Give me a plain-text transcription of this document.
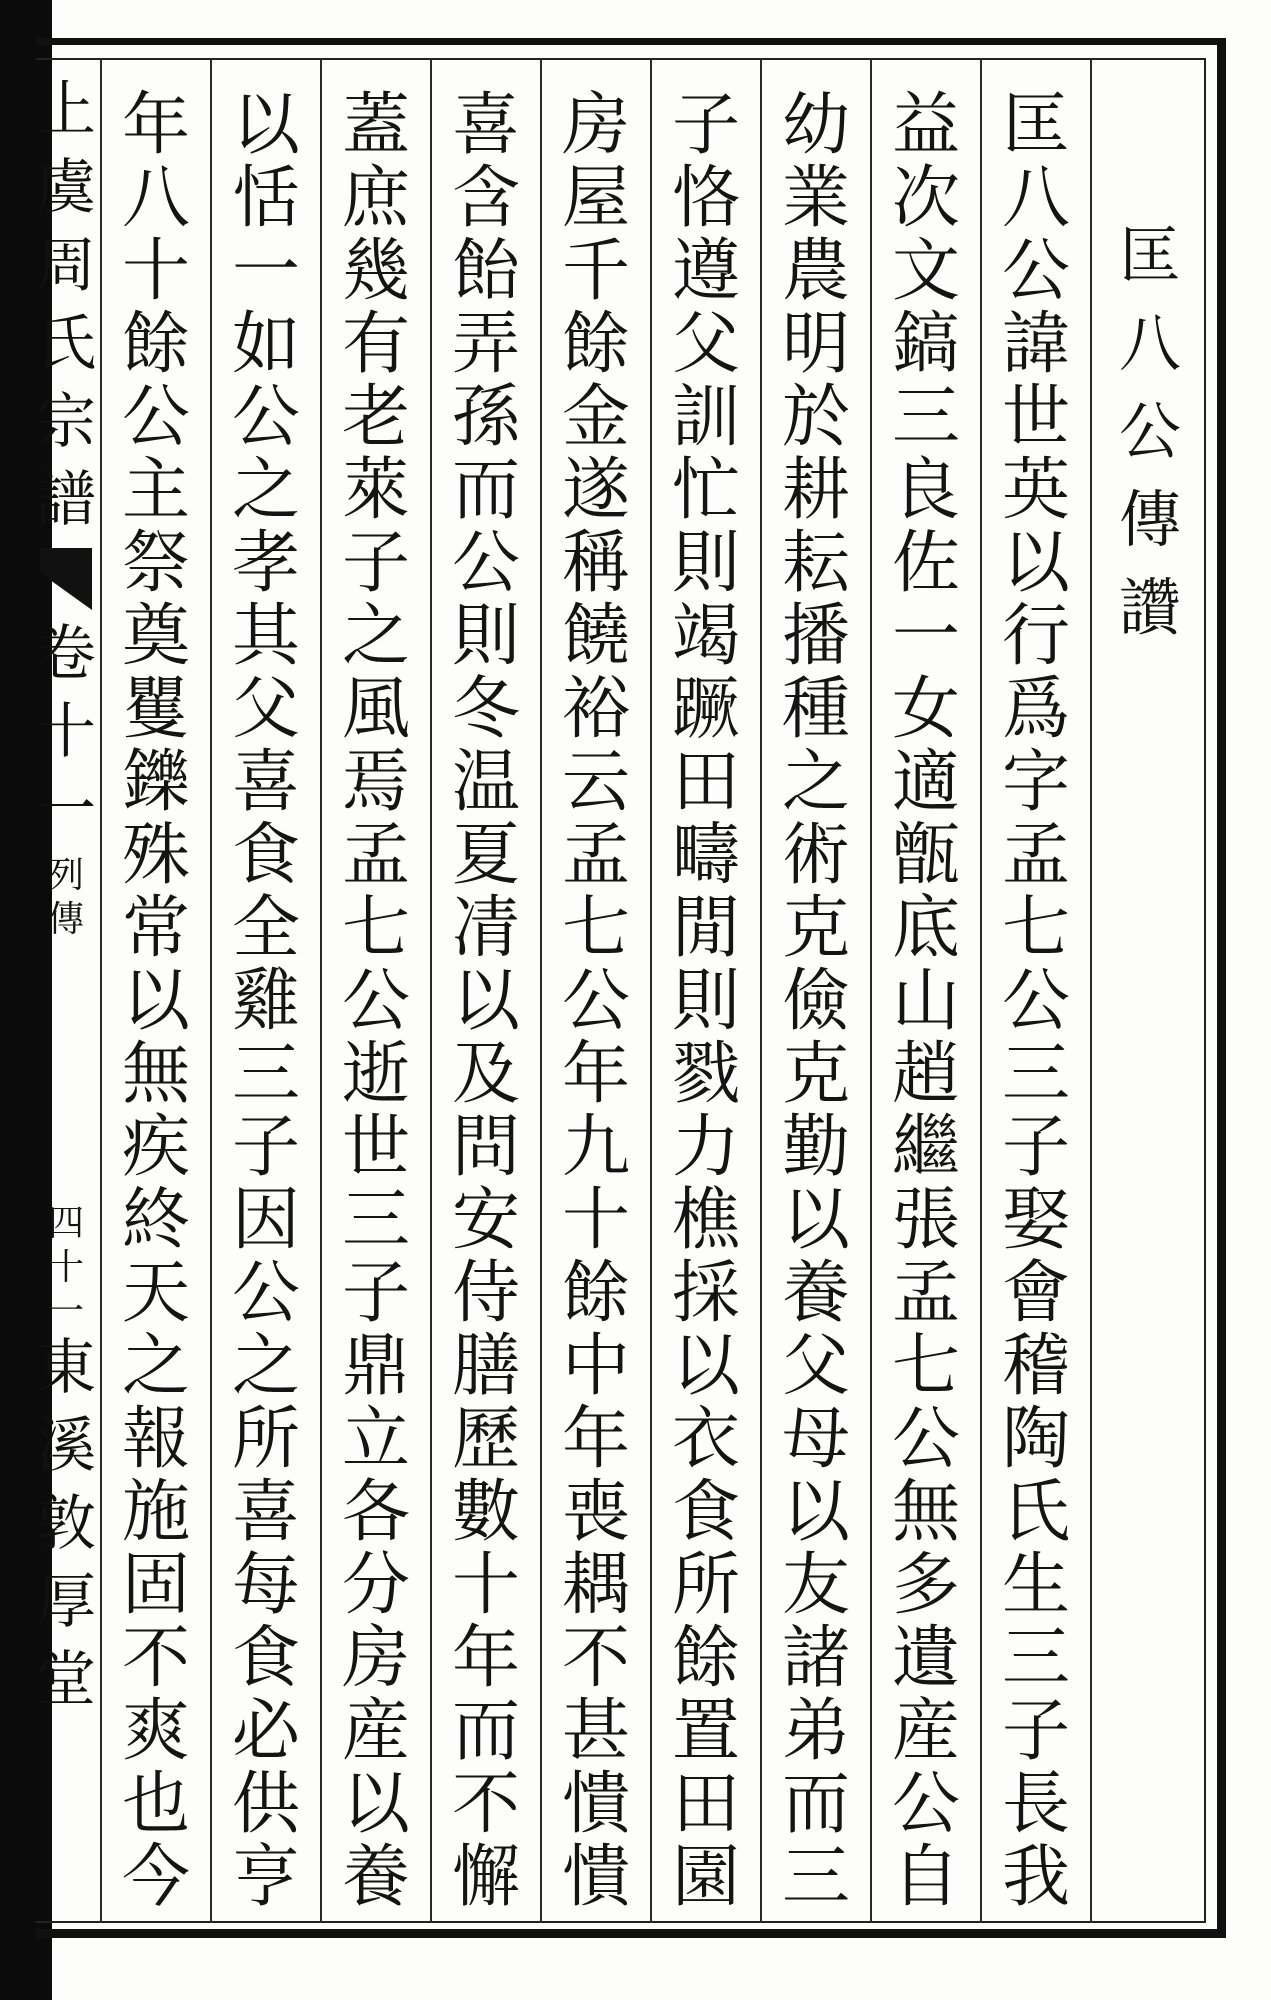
上
虞
周
氏
宗
譜
卷
十
一
列
傳
四
十
一
東
溪
敦
厚
堂
匡
八
公
傳
讚
匡
八
公
諱
世
英
以
行
爲
字
孟
七
公
三
子
娶
會
稽
陶
氏
生
三
子
長
我
益
次
文
鎬
三
良
佐
一
女
適
甑
底
山
趙
繼
張
孟
七
公
無
多
遺
産
公
自
幼
業
農
明
於
耕
耘
播
種
之
術
克
儉
克
勤
以
養
父
母
以
友
諸
弟
而
三
子
恪
遵
父
訓
忙
則
竭
蹶
田
疇
閒
則
戮
力
樵
採
以
衣
食
所
餘
置
田
園
房
屋
千
餘
金
遂
稱
饒
裕
云
孟
七
公
年
九
十
餘
中
年
喪
耦
不
甚
憒
憒
喜
含
飴
弄
孫
而
公
則
冬
温
夏
凊
以
及
問
安
侍
膳
歷
數
十
年
而
不
懈
蓋
庶
幾
有
老
萊
子
之
風
焉
孟
七
公
逝
世
三
子
鼎
立
各
分
房
産
以
養
以
恬
一
如
公
之
孝
其
父
喜
食
全
雞
三
子
因
公
之
所
喜
每
食
必
供
亨
年
八
十
餘
公
主
祭
奠
矍
鑠
殊
常
以
無
疾
終
天
之
報
施
固
不
爽
也
今
